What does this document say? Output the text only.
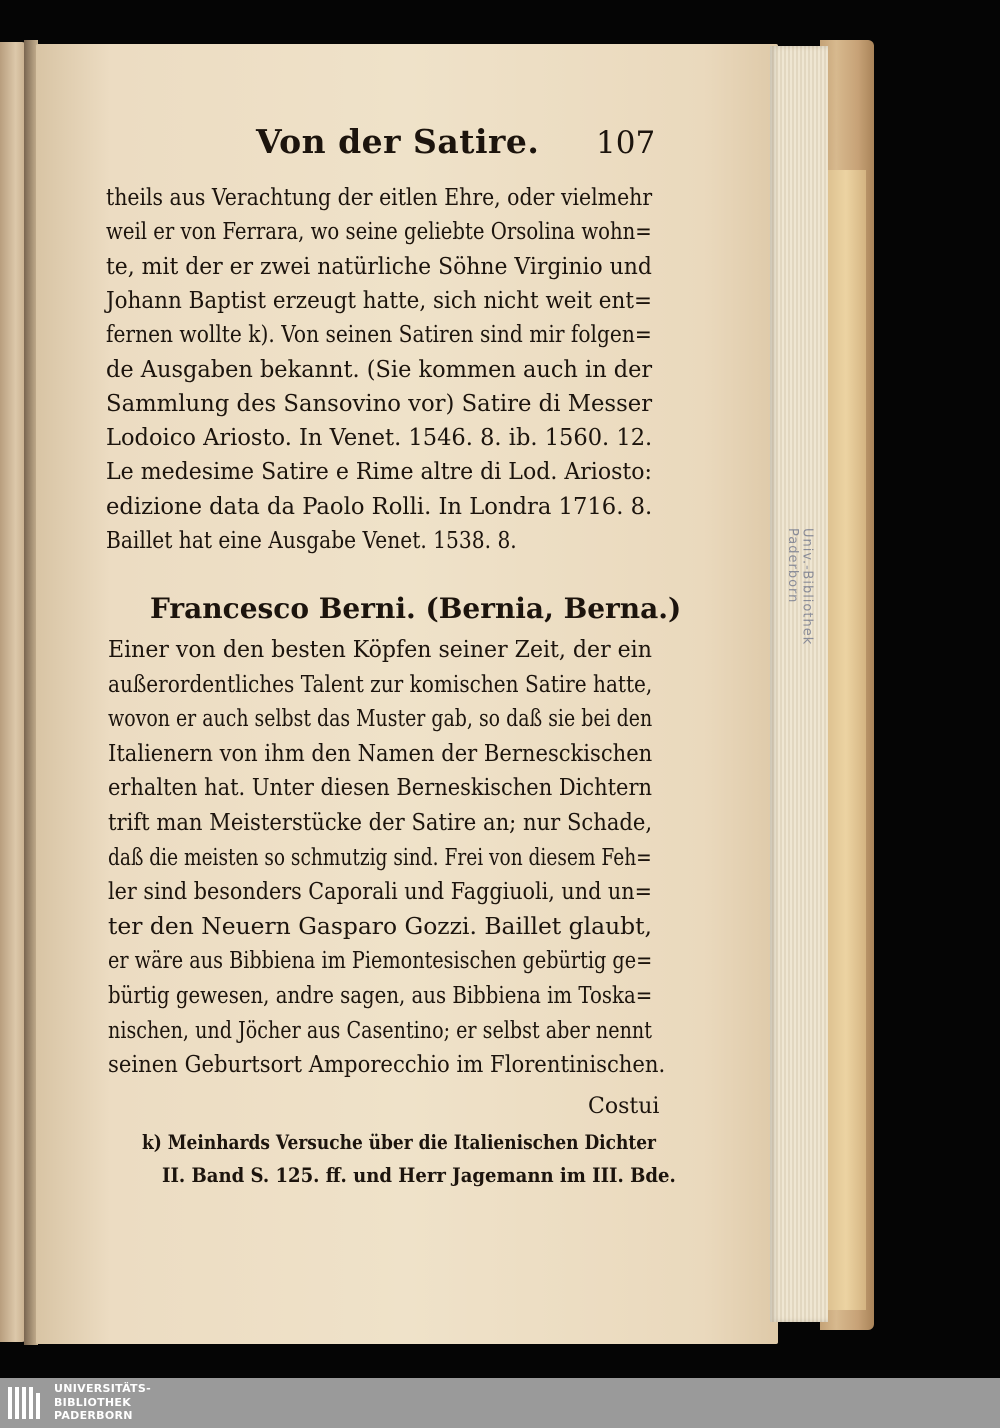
Univ.-Bibliothek Paderborn
Von der Satire. 107
theils aus Verachtung der eitlen Ehre, oder vielmehr
weil er von Ferrara, wo seine geliebte Orsolina wohn=
te, mit der er zwei natürliche Söhne Virginio und
Johann Baptist erzeugt hatte, sich nicht weit ent=
fernen wollte k). Von seinen Satiren sind mir folgen=
de Ausgaben bekannt. (Sie kommen auch in der
Sammlung des Sansovino vor) Satire di Messer
Lodoico Ariosto. In Venet. 1546. 8. ib. 1560. 12.
Le medesime Satire e Rime altre di Lod. Ariosto:
edizione data da Paolo Rolli. In Londra 1716. 8.
Baillet hat eine Ausgabe Venet. 1538. 8.
Francesco Berni. (Bernia, Berna.)
Einer von den besten Köpfen seiner Zeit, der ein
außerordentliches Talent zur komischen Satire hatte,
wovon er auch selbst das Muster gab, so daß sie bei den
Italienern von ihm den Namen der Bernesckischen
erhalten hat. Unter diesen Berneskischen Dichtern
trift man Meisterstücke der Satire an; nur Schade,
daß die meisten so schmutzig sind. Frei von diesem Feh=
ler sind besonders Caporali und Faggiuoli, und un=
ter den Neuern Gasparo Gozzi. Baillet glaubt,
er wäre aus Bibbiena im Piemontesischen gebürtig ge=
bürtig gewesen, andre sagen, aus Bibbiena im Toska=
nischen, und Jöcher aus Casentino; er selbst aber nennt
seinen Geburtsort Amporecchio im Florentinischen.
Costui
k) Meinhards Versuche über die Italienischen Dichter
II. Band S. 125. ff. und Herr Jagemann im III. Bde.
UNIVERSITÄTS-
BIBLIOTHEK
PADERBORN
